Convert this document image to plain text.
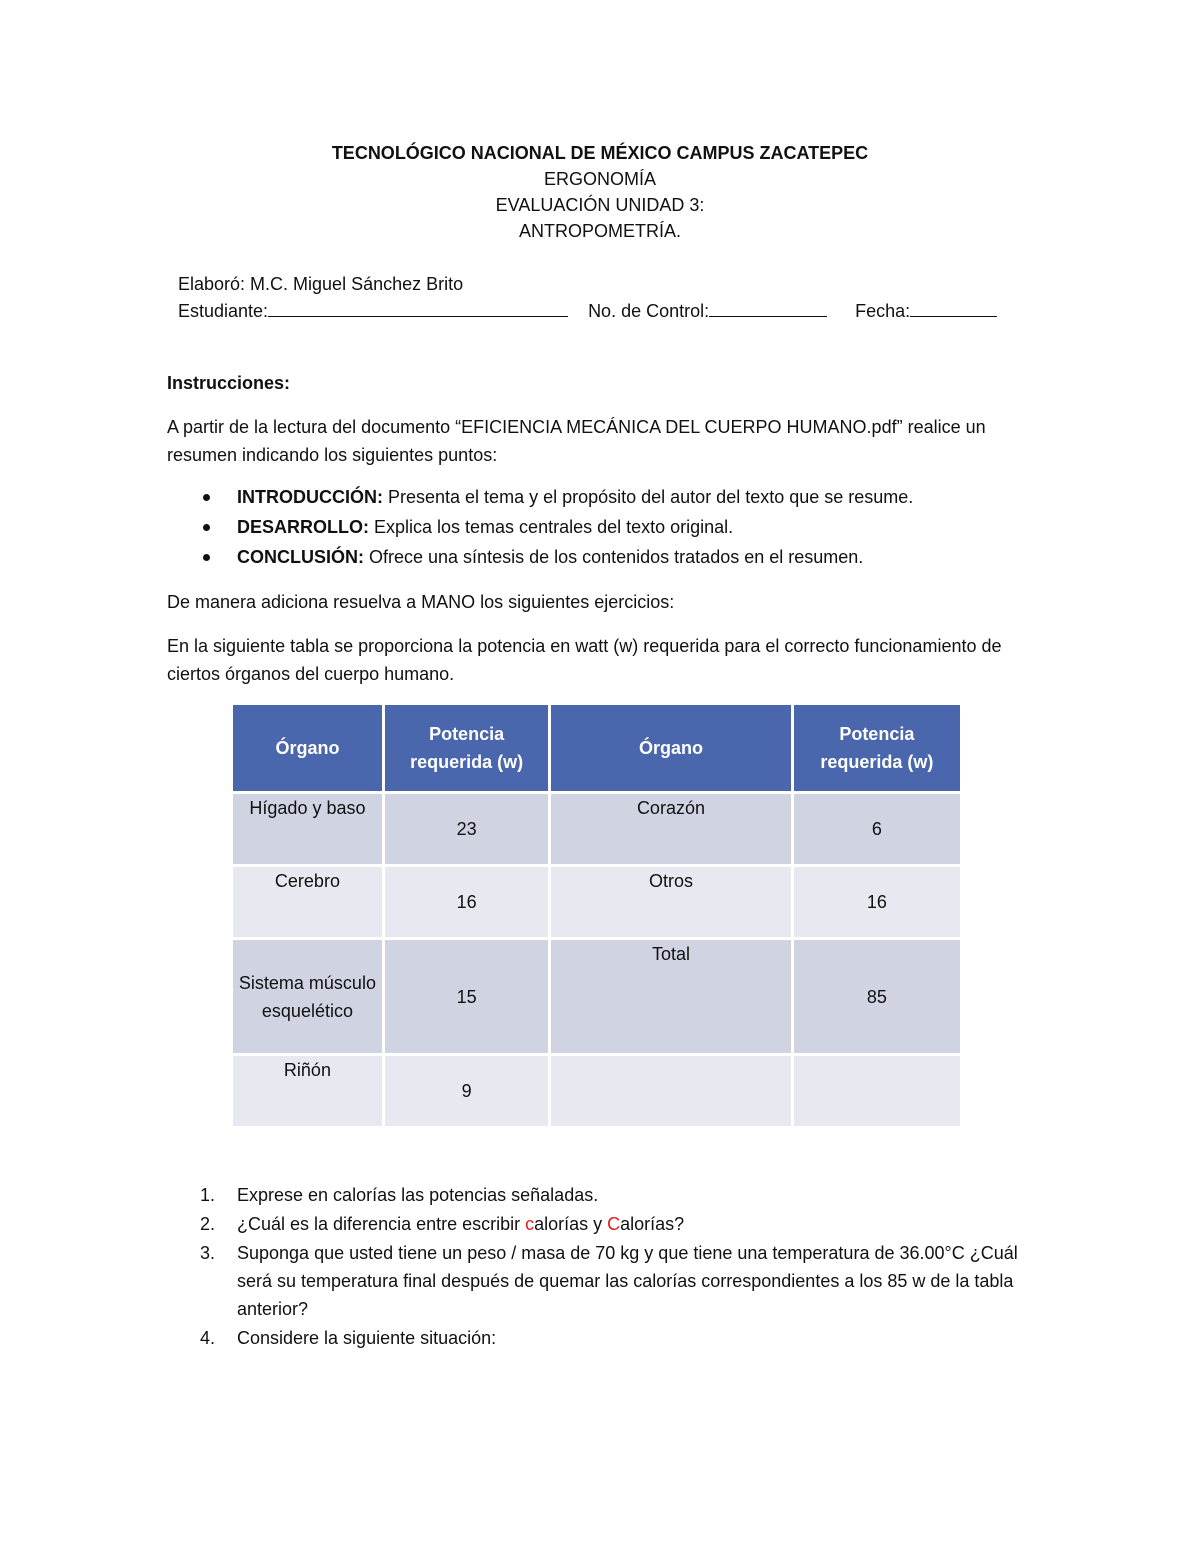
TECNOLÓGICO NACIONAL DE MÉXICO CAMPUS ZACATEPEC
ERGONOMÍA
EVALUACIÓN UNIDAD 3:
ANTROPOMETRÍA.
Elaboró: M.C. Miguel Sánchez Brito
Estudiante:	No. de Control:	Fecha:

Instrucciones:

A partir de la lectura del documento “EFICIENCIA MECÁNICA DEL CUERPO HUMANO.pdf” realice un resumen indicando los siguientes puntos:

INTRODUCCIÓN: Presenta el tema y el propósito del autor del texto que se resume.
DESARROLLO: Explica los temas centrales del texto original.
CONCLUSIÓN: Ofrece una síntesis de los contenidos tratados en el resumen.

De manera adiciona resuelva a MANO los siguientes ejercicios:

En la siguiente tabla se proporciona la potencia en watt (w) requerida para el correcto funcionamiento de ciertos órganos del cuerpo humano.

Órgano	Potencia requerida (w)	Órgano	Potencia requerida (w)
Hígado y baso	23	Corazón	6
Cerebro	16	Otros	16
Sistema músculo esquelético	15	Total	85
Riñón	9		
1. Exprese en calorías las potencias señaladas.
2. ¿Cuál es la diferencia entre escribir calorías y Calorías?
3. Suponga que usted tiene un peso / masa de 70 kg y que tiene una temperatura de 36.00°C ¿Cuál será su temperatura final después de quemar las calorías correspondientes a los 85 w de la tabla anterior?
4. Considere la siguiente situación:
